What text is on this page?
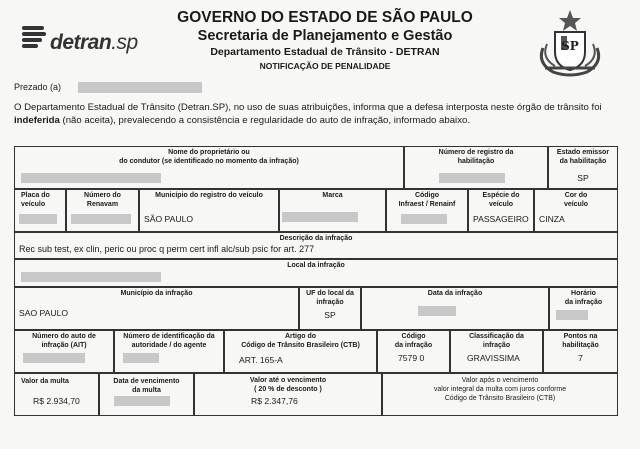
detran.sp
GOVERNO DO ESTADO DE SÃO PAULO
Secretaria de Planejamento e Gestão
Departamento Estadual de Trânsito - DETRAN
NOTIFICAÇÃO DE PENALIDADE
SP
Prezado (a)
O Departamento Estadual de Trânsito (Detran.SP), no uso de suas atribuições, informa que a defesa interposta neste órgão de trânsito foi indeferida (não aceita), prevalecendo a consistência e regularidade do auto de infração, informado abaixo.
Nome do proprietário ou
do condutor (se identificado no momento da infração)
Número de registro da
habilitação
Estado emissor
da habilitação
SP
Placa do
veículo
Número do
Renavam
Município do registro do veículo
SÃO PAULO
Marca	Código
Infraest / Renainf
Espécie do
veículo
PASSAGEIRO
Cor do
veículo
CINZA
Descrição da infração
Rec sub test, ex clin, peric ou proc q perm cert infl alc/sub psic for art. 277
Local da infração
Município da infração
SAO PAULO
UF do local da
infração
SP
Data da infração	Horário
da infração
Número do auto de
infração (AIT)
Número de identificação da
autoridade / do agente
Artigo do
Código de Trânsito Brasileiro (CTB)
ART. 165-A
Código
da infração
7579 0
Classificação da
infração
GRAVISSIMA
Pontos na
habilitação
7
Valor da multa
R$ 2.934,70
Data de vencimento
da multa
Valor até o vencimento
( 20 % de desconto )
R$ 2.347,76
Valor após o vencimento
valor integral da multa com juros conforme
Código de Trânsito Brasileiro (CTB)
